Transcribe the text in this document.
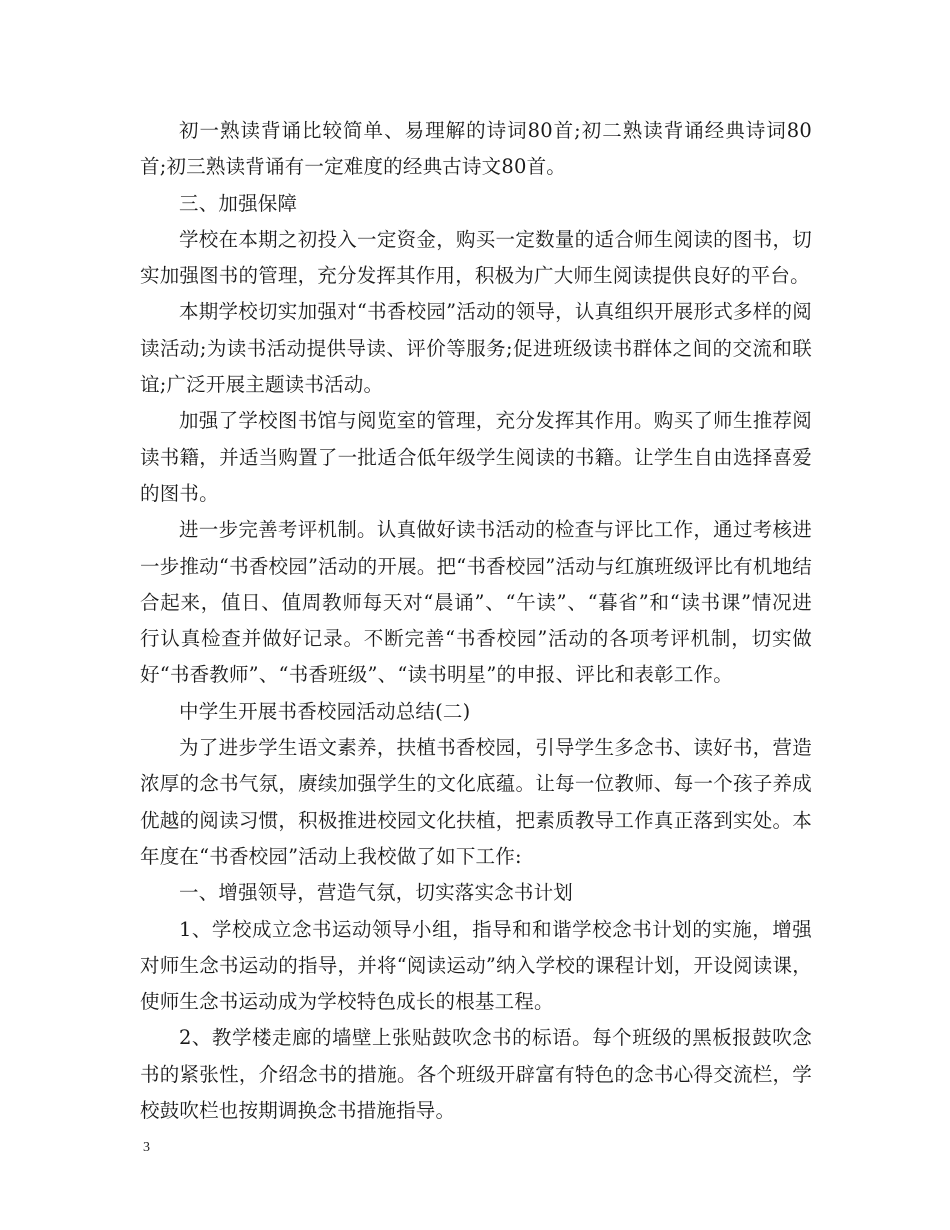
初一熟读背诵比较简单、易理解的诗词80首;初二熟读背诵经典诗词80首;初三熟读背诵有一定难度的经典古诗文80首。

三、加强保障

学校在本期之初投入一定资金，购买一定数量的适合师生阅读的图书，切实加强图书的管理，充分发挥其作用，积极为广大师生阅读提供良好的平台。

本期学校切实加强对“书香校园”活动的领导，认真组织开展形式多样的阅读活动;为读书活动提供导读、评价等服务;促进班级读书群体之间的交流和联谊;广泛开展主题读书活动。

加强了学校图书馆与阅览室的管理，充分发挥其作用。购买了师生推荐阅读书籍，并适当购置了一批适合低年级学生阅读的书籍。让学生自由选择喜爱的图书。

进一步完善考评机制。认真做好读书活动的检查与评比工作，通过考核进一步推动“书香校园”活动的开展。把“书香校园”活动与红旗班级评比有机地结合起来，值日、值周教师每天对“晨诵”、“午读”、“暮省”和“读书课”情况进行认真检查并做好记录。不断完善“书香校园”活动的各项考评机制，切实做好“书香教师”、“书香班级”、“读书明星”的申报、评比和表彰工作。

中学生开展书香校园活动总结(二)

为了进步学生语文素养，扶植书香校园，引导学生多念书、读好书，营造浓厚的念书气氛，赓续加强学生的文化底蕴。让每一位教师、每一个孩子养成优越的阅读习惯，积极推进校园文化扶植，把素质教导工作真正落到实处。本年度在“书香校园”活动上我校做了如下工作:

一、增强领导，营造气氛，切实落实念书计划

1、学校成立念书运动领导小组，指导和和谐学校念书计划的实施，增强对师生念书运动的指导，并将“阅读运动”纳入学校的课程计划，开设阅读课，使师生念书运动成为学校特色成长的根基工程。

2、教学楼走廊的墙壁上张贴鼓吹念书的标语。每个班级的黑板报鼓吹念书的紧张性，介绍念书的措施。各个班级开辟富有特色的念书心得交流栏，学校鼓吹栏也按期调换念书措施指导。

3
